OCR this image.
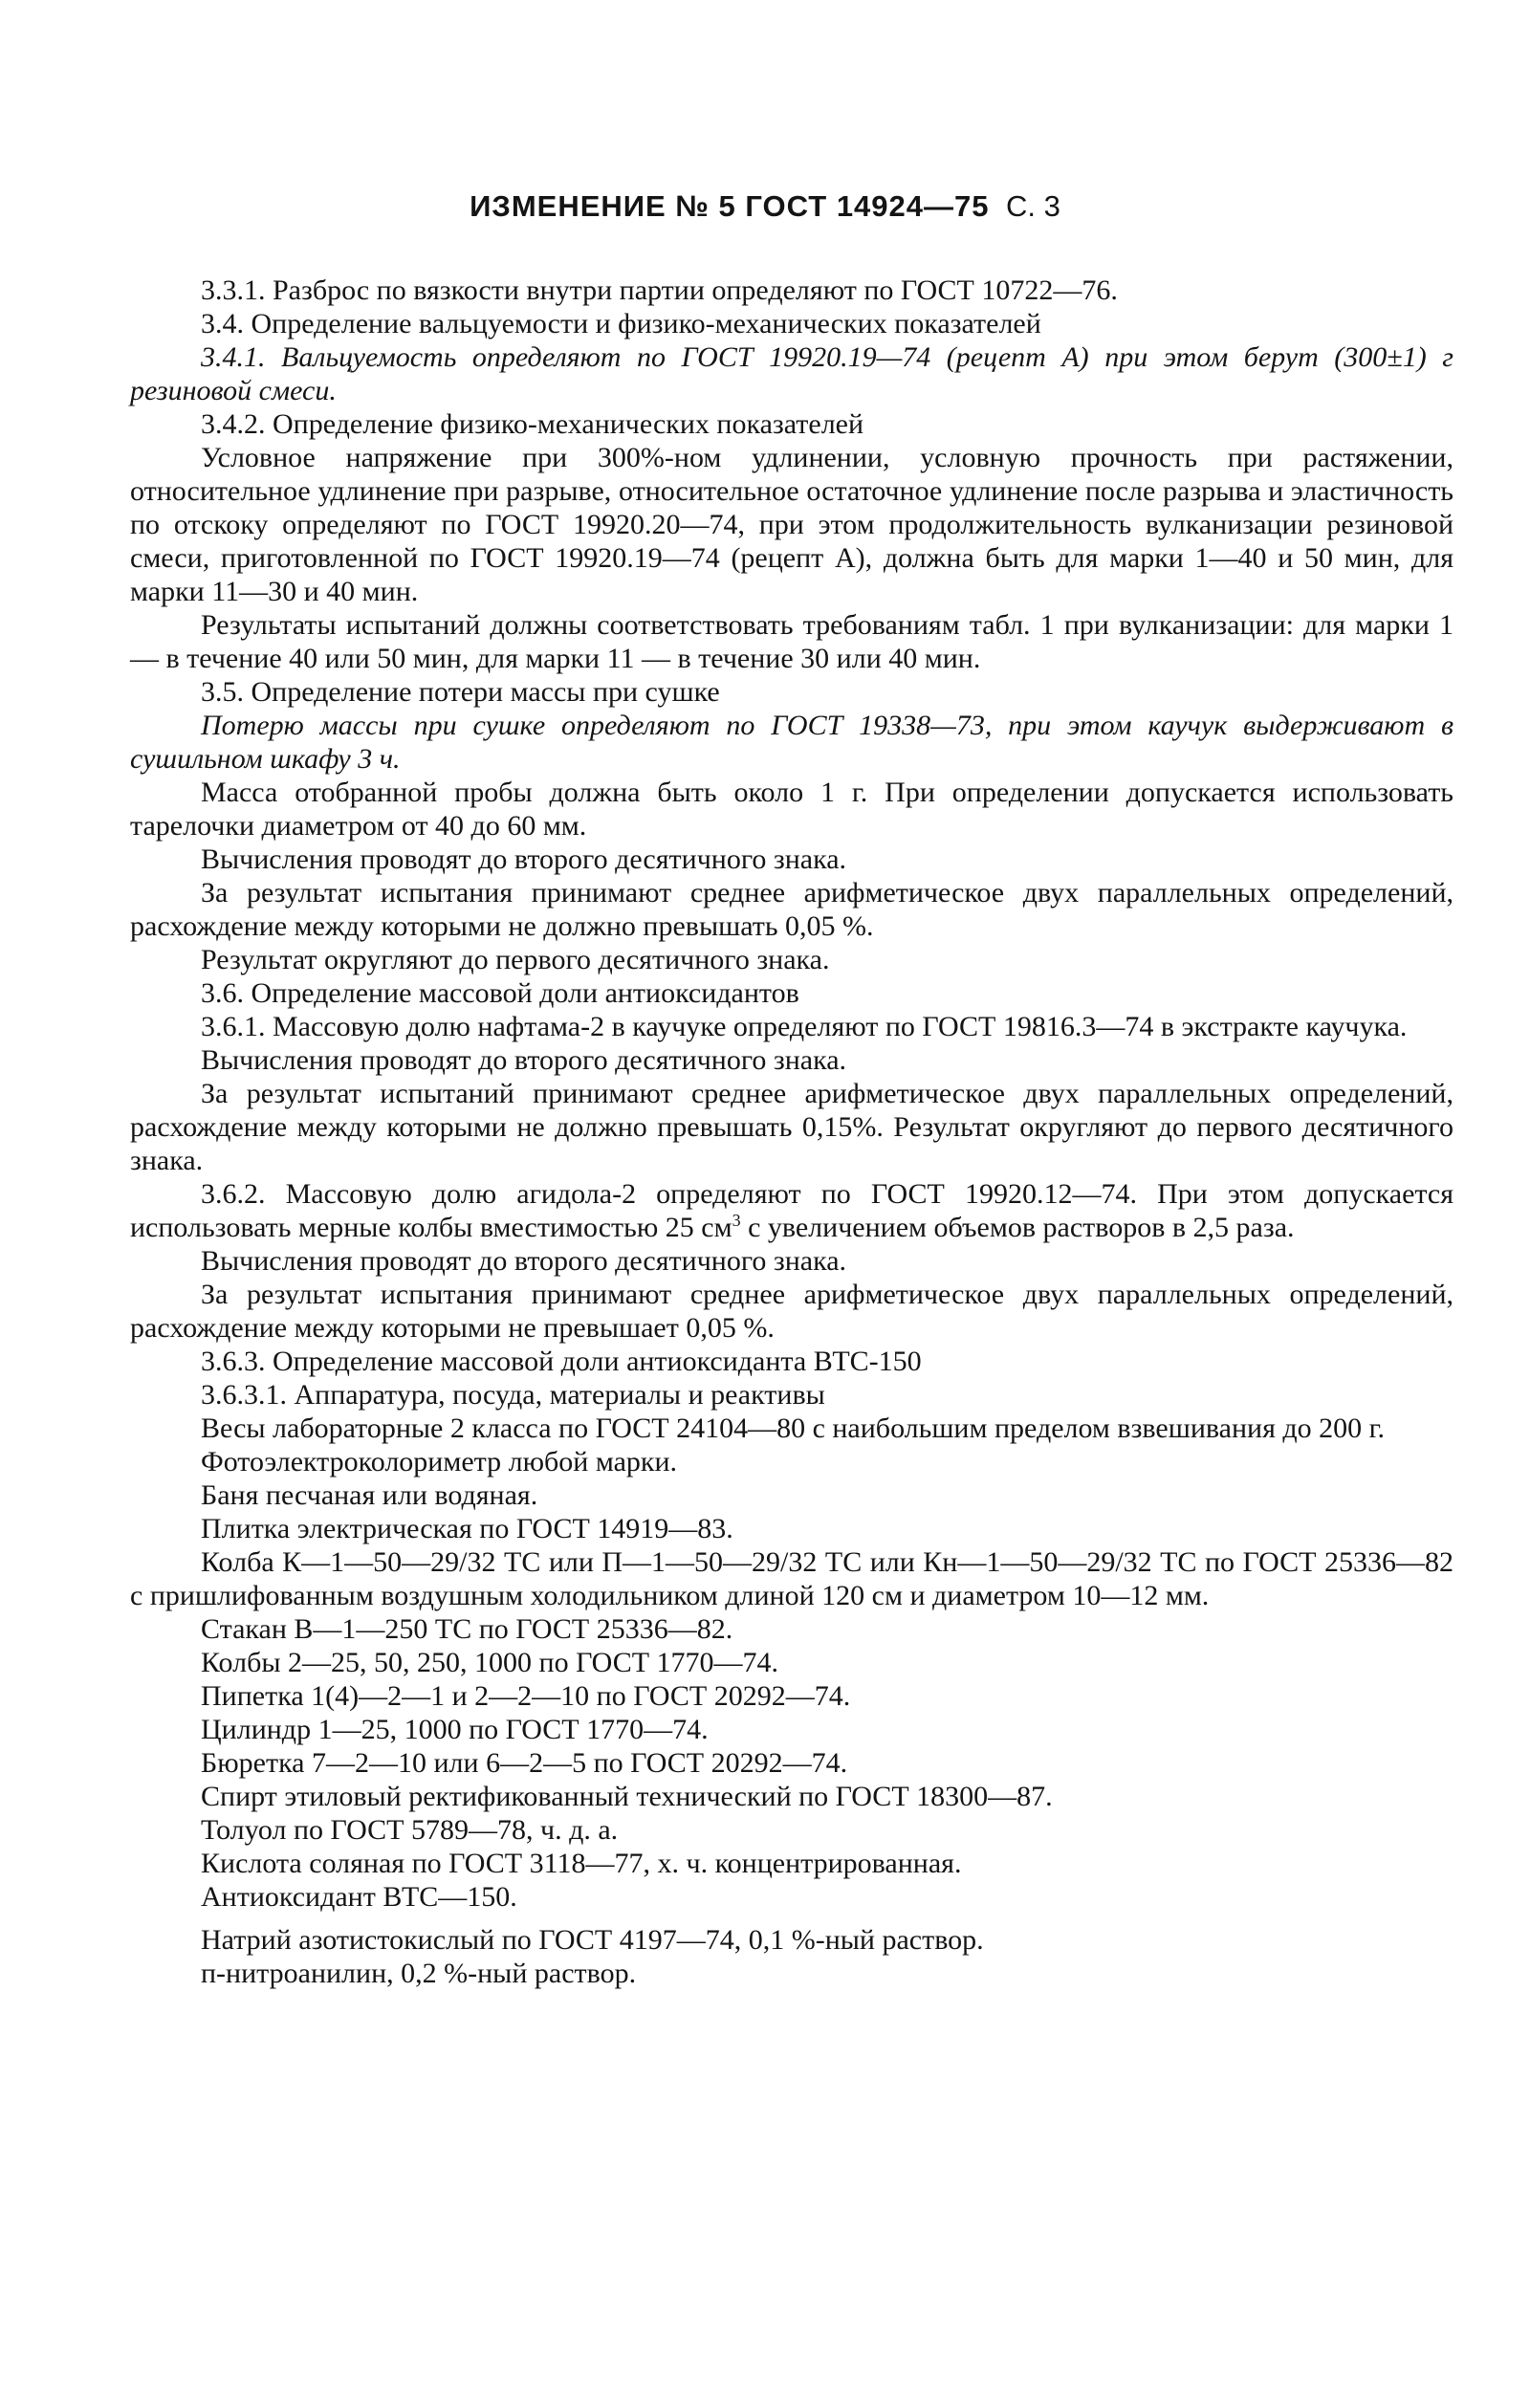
ИЗМЕНЕНИЕ № 5 ГОСТ 14924—75 С. 3

3.3.1. Разброс по вязкости внутри партии определяют по ГОСТ 10722—76.

3.4. Определение вальцуемости и физико-механических показателей

3.4.1. Вальцуемость определяют по ГОСТ 19920.19—74 (рецепт А) при этом берут (300±1) г резиновой смеси.

3.4.2. Определение физико-механических показателей

Условное напряжение при 300%-ном удлинении, условную прочность при растяжении, относительное удлинение при разрыве, относительное остаточное удлинение после разрыва и эластичность по отскоку определяют по ГОСТ 19920.20—74, при этом продолжительность вулканизации резиновой смеси, приготовленной по ГОСТ 19920.19—74 (рецепт А), должна быть для марки 1—40 и 50 мин, для марки 11—30 и 40 мин.

Результаты испытаний должны соответствовать требованиям табл. 1 при вулканизации: для марки 1 — в течение 40 или 50 мин, для марки 11 — в течение 30 или 40 мин.

3.5. Определение потери массы при сушке

Потерю массы при сушке определяют по ГОСТ 19338—73, при этом каучук выдерживают в сушильном шкафу 3 ч.

Масса отобранной пробы должна быть около 1 г. При определении допускается использовать тарелочки диаметром от 40 до 60 мм.

Вычисления проводят до второго десятичного знака.

За результат испытания принимают среднее арифметическое двух параллельных определений, расхождение между которыми не должно превышать 0,05 %.

Результат округляют до первого десятичного знака.

3.6. Определение массовой доли антиоксидантов

3.6.1. Массовую долю нафтама-2 в каучуке определяют по ГОСТ 19816.3—74 в экстракте каучука.

Вычисления проводят до второго десятичного знака.

За результат испытаний принимают среднее арифметическое двух параллельных определений, расхождение между которыми не должно превышать 0,15%. Результат округляют до первого десятичного знака.

3.6.2. Массовую долю агидола-2 определяют по ГОСТ 19920.12—74. При этом допускается использовать мерные колбы вместимостью 25 $см^3$ с увеличением объемов растворов в 2,5 раза.

Вычисления проводят до второго десятичного знака.

За результат испытания принимают среднее арифметическое двух параллельных определений, расхождение между которыми не превышает 0,05 %.

3.6.3. Определение массовой доли антиоксиданта ВТС-150

3.6.3.1. Аппаратура, посуда, материалы и реактивы

Весы лабораторные 2 класса по ГОСТ 24104—80 с наибольшим пределом взвешивания до 200 г.

Фотоэлектроколориметр любой марки.

Баня песчаная или водяная.

Плитка электрическая по ГОСТ 14919—83.

Колба К—1—50—29/32 ТС или П—1—50—29/32 ТС или Кн—1—50—29/32 ТС по ГОСТ 25336—82 с пришлифованным воздушным холодильником длиной 120 см и диаметром 10—12 мм.

Стакан В—1—250 ТС по ГОСТ 25336—82.

Колбы 2—25, 50, 250, 1000 по ГОСТ 1770—74.

Пипетка 1(4)—2—1 и 2—2—10 по ГОСТ 20292—74.

Цилиндр 1—25, 1000 по ГОСТ 1770—74.

Бюретка 7—2—10 или 6—2—5 по ГОСТ 20292—74.

Спирт этиловый ректификованный технический по ГОСТ 18300—87.

Толуол по ГОСТ 5789—78, ч. д. а.

Кислота соляная по ГОСТ 3118—77, х. ч. концентрированная.

Антиоксидант ВТС—150.

Натрий азотистокислый по ГОСТ 4197—74, 0,1 %-ный раствор.

п-нитроанилин, 0,2 %-ный раствор.
